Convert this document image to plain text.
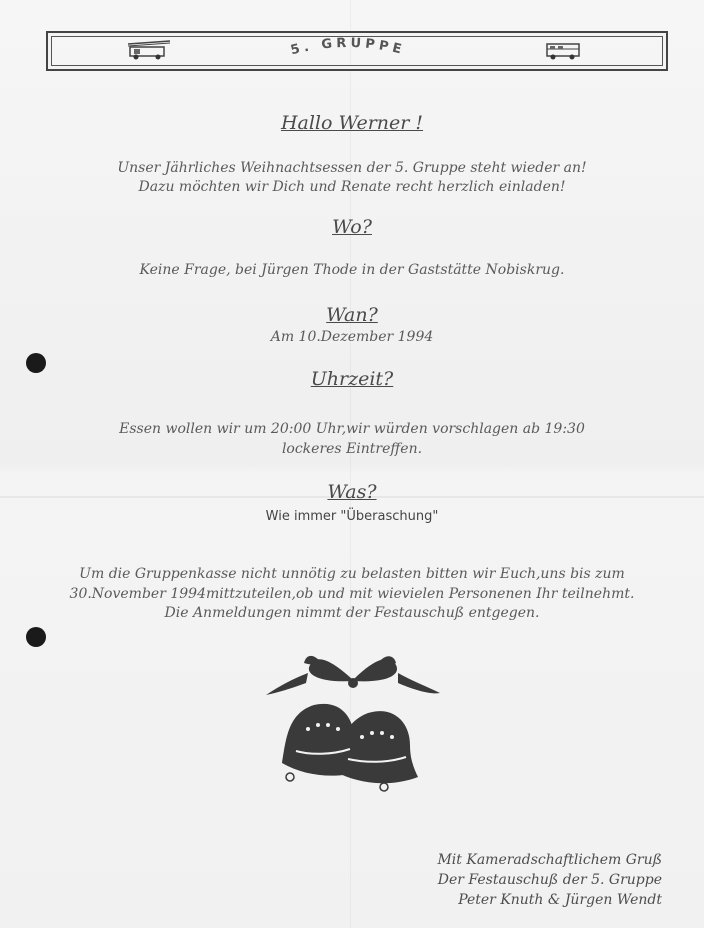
5. GRUPPE
Hallo Werner !
Unser Jährliches Weihnachtsessen der 5. Gruppe steht wieder an!
Dazu möchten wir Dich und Renate recht herzlich einladen!
Wo?
Keine Frage, bei Jürgen Thode in der Gaststätte Nobiskrug.
Wan?
Am 10.Dezember 1994
Uhrzeit?
Essen wollen wir um 20:00 Uhr,wir würden vorschlagen ab 19:30
lockeres Eintreffen.
Was?
Wie immer "Überaschung"
Um die Gruppenkasse nicht unnötig zu belasten bitten wir Euch,uns bis zum
30.November 1994mittzuteilen,ob und mit wievielen Personenen Ihr teilnehmt.
Die Anmeldungen nimmt der Festauschuß entgegen.
Mit Kameradschaftlichem Gruß
Der Festauschuß der 5. Gruppe
Peter Knuth & Jürgen Wendt
